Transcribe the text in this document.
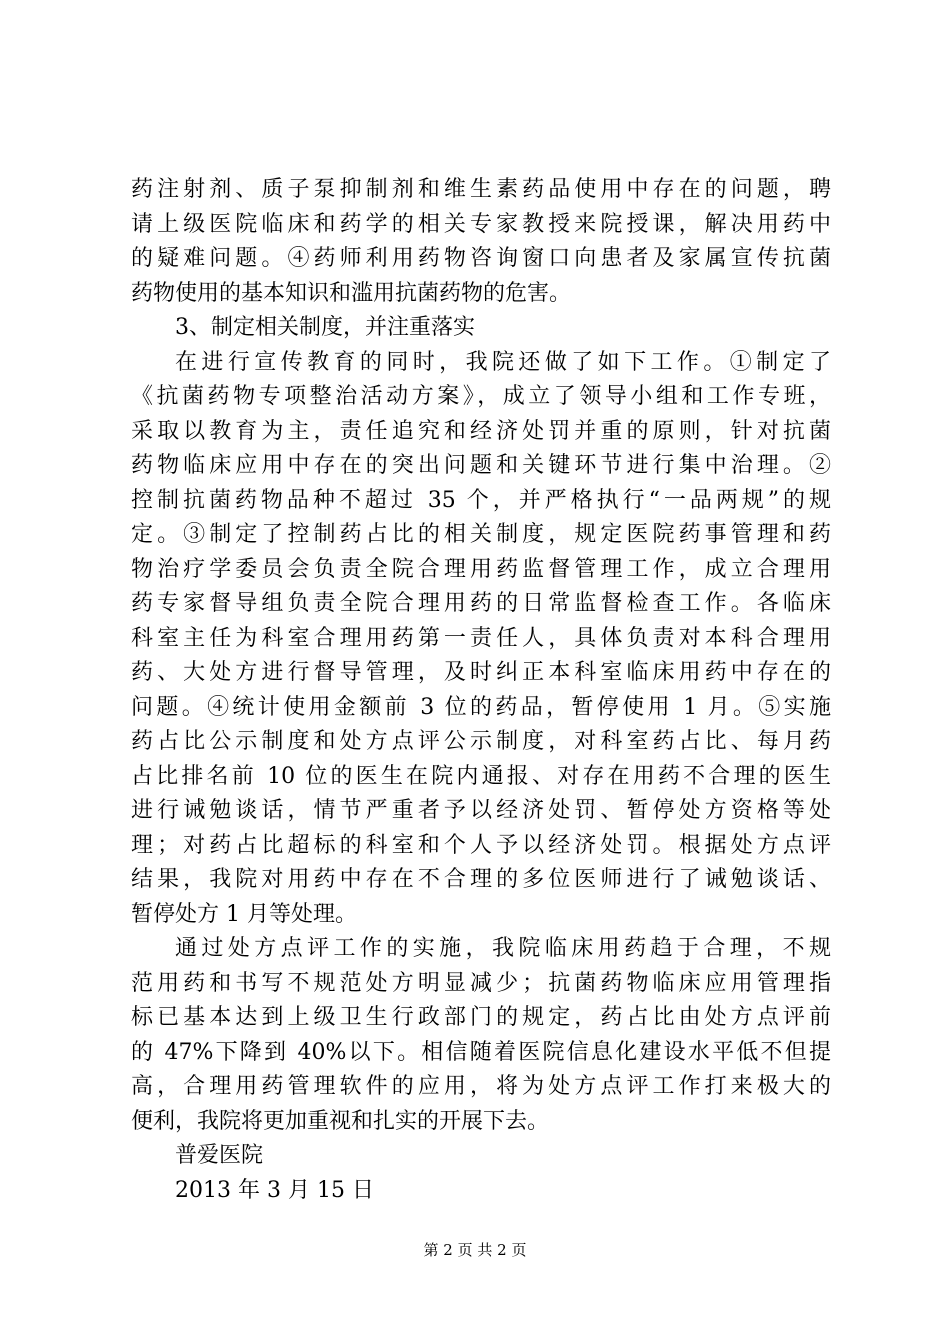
药注射剂、质子泵抑制剂和维生素药品使用中存在的问题，聘
请上级医院临床和药学的相关专家教授来院授课，解决用药中
的疑难问题。④药师利用药物咨询窗口向患者及家属宣传抗菌
药物使用的基本知识和滥用抗菌药物的危害。
3、制定相关制度，并注重落实
在进行宣传教育的同时，我院还做了如下工作。①制定了
《抗菌药物专项整治活动方案》，成立了领导小组和工作专班，
采取以教育为主，责任追究和经济处罚并重的原则，针对抗菌
药物临床应用中存在的突出问题和关键环节进行集中治理。②
控制抗菌药物品种不超过 35 个，并严格执行“一品两规”的规
定。③制定了控制药占比的相关制度，规定医院药事管理和药
物治疗学委员会负责全院合理用药监督管理工作，成立合理用
药专家督导组负责全院合理用药的日常监督检查工作。各临床
科室主任为科室合理用药第一责任人，具体负责对本科合理用
药、大处方进行督导管理，及时纠正本科室临床用药中存在的
问题。④统计使用金额前 3 位的药品，暂停使用 1 月。⑤实施
药占比公示制度和处方点评公示制度，对科室药占比、每月药
占比排名前 10 位的医生在院内通报、对存在用药不合理的医生
进行诫勉谈话，情节严重者予以经济处罚、暂停处方资格等处
理；对药占比超标的科室和个人予以经济处罚。根据处方点评
结果，我院对用药中存在不合理的多位医师进行了诫勉谈话、
暂停处方 1 月等处理。
通过处方点评工作的实施，我院临床用药趋于合理，不规
范用药和书写不规范处方明显减少；抗菌药物临床应用管理指
标已基本达到上级卫生行政部门的规定，药占比由处方点评前
的 47%下降到 40%以下。相信随着医院信息化建设水平低不但提
高，合理用药管理软件的应用，将为处方点评工作打来极大的
便利，我院将更加重视和扎实的开展下去。
普爱医院
2013 年 3 月 15 日
第 2 页 共 2 页
